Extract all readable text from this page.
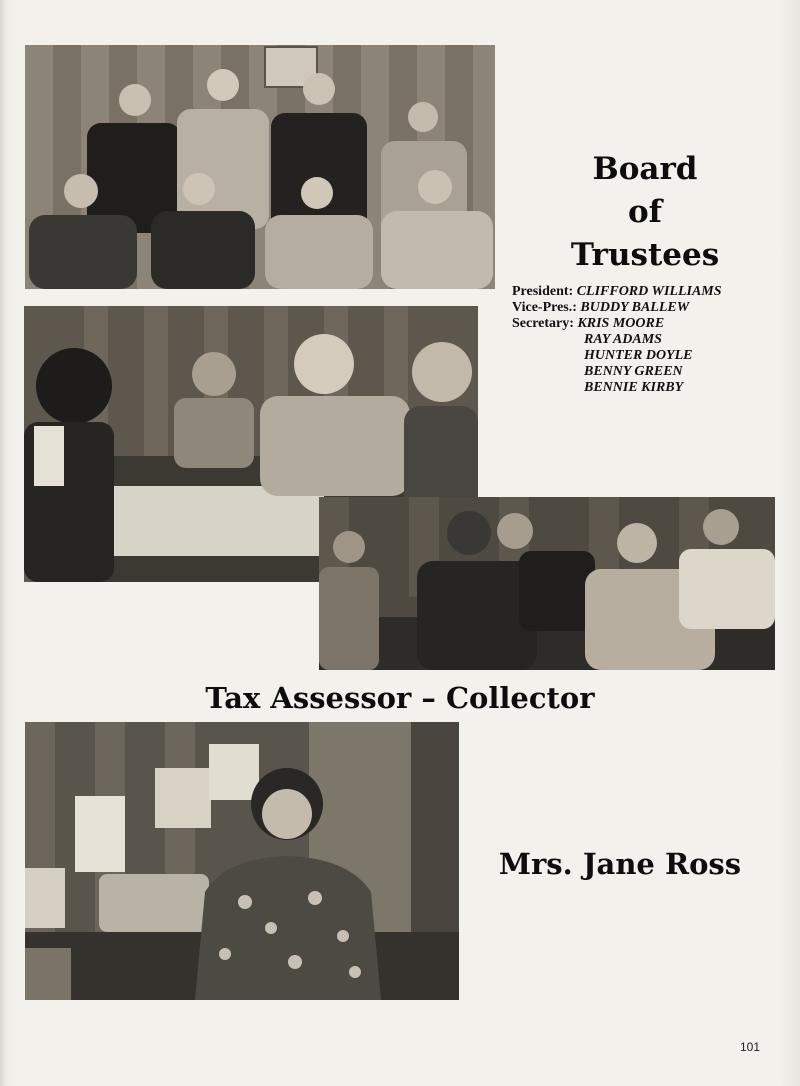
Board
of
Trustees
President: CLIFFORD WILLIAMS
Vice-Pres.: BUDDY BALLEW
Secretary: KRIS MOORE
RAY ADAMS
HUNTER DOYLE
BENNY GREEN
BENNIE KIRBY
Tax Assessor – Collector
Mrs. Jane Ross
101
